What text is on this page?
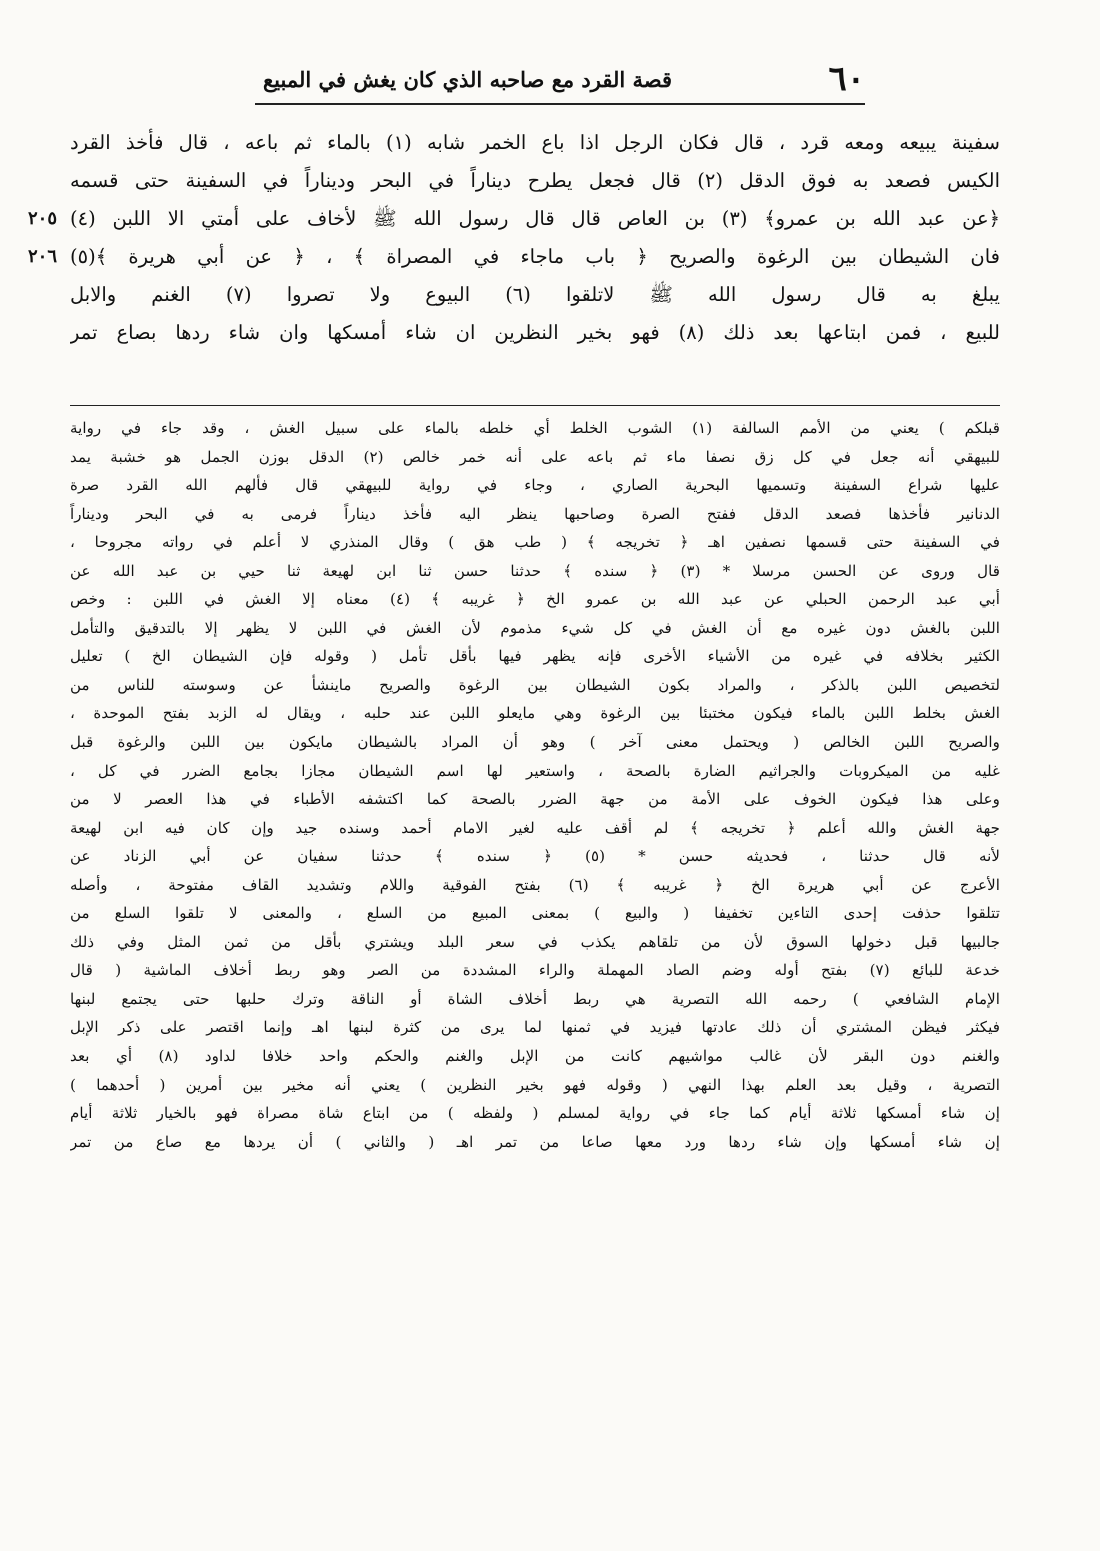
٦٠
قصة القرد مع صاحبه الذي كان يغش في المبيع
سفينة يبيعه ومعه قرد ، قال فكان الرجل اذا باع الخمر شابه (١) بالماء ثم باعه ، قال فأخذ القرد
الكيس فصعد به فوق الدقل (٢) قال فجعل يطرح ديناراً في البحر وديناراً في السفينة حتى قسمه
﴿عن عبد الله بن عمرو﴾ (٣) بن العاص قال قال رسول الله ﷺ لأخاف على أمتي الا اللبن (٤)
فان الشيطان بين الرغوة والصريح ﴿ باب ماجاء في المصراة ﴾ ، ﴿ عن أبي هريرة ﴾(٥)
يبلغ به قال رسول الله ﷺ لاتلقوا (٦) البيوع ولا تصروا (٧) الغنم والابل
للبيع ، فمن ابتاعها بعد ذلك (٨) فهو بخير النظرين ان شاء أمسكها وان شاء ردها بصاع تمر
٢٠٥
٢٠٦
قبلكم ) يعني من الأمم السالفة (١) الشوب الخلط أي خلطه بالماء على سبيل الغش ، وقد جاء في رواية
للبيهقي أنه جعل في كل زق نصفا ماء ثم باعه على أنه خمر خالص (٢) الدقل بوزن الجمل هو خشبة يمد
عليها شراع السفينة وتسميها البحرية الصاري ، وجاء في رواية للبيهقي قال فألهم الله القرد صرة
الدنانير فأخذها فصعد الدقل ففتح الصرة وصاحبها ينظر اليه فأخذ ديناراً فرمى به في البحر وديناراً
في السفينة حتى قسمها نصفين اهـ ﴿ تخريجه ﴾ ( طب هق ) وقال المنذري لا أعلم في رواته مجروحا ،
قال وروى عن الحسن مرسلا * (٣) ﴿ سنده ﴾ حدثنا حسن ثنا ابن لهيعة ثنا حيي بن عبد الله عن
أبي عبد الرحمن الحبلي عن عبد الله بن عمرو الخ ﴿ غريبه ﴾ (٤) معناه إلا الغش في اللبن : وخص
اللبن بالغش دون غيره مع أن الغش في كل شيء مذموم لأن الغش في اللبن لا يظهر إلا بالتدقيق والتأمل
الكثير بخلافه في غيره من الأشياء الأخرى فإنه يظهر فيها بأقل تأمل ( وقوله فإن الشيطان الخ ) تعليل
لتخصيص اللبن بالذكر ، والمراد بكون الشيطان بين الرغوة والصريح ماينشأ عن وسوسته للناس من
الغش بخلط اللبن بالماء فيكون مختبئا بين الرغوة وهي مايعلو اللبن عند حلبه ، ويقال له الزبد بفتح الموحدة ،
والصريح اللبن الخالص ( ويحتمل معنى آخر ) وهو أن المراد بالشيطان مايكون بين اللبن والرغوة قبل
غليه من الميكروبات والجراثيم الضارة بالصحة ، واستعير لها اسم الشيطان مجازا بجامع الضرر في كل ،
وعلى هذا فيكون الخوف على الأمة من جهة الضرر بالصحة كما اكتشفه الأطباء في هذا العصر لا من
جهة الغش والله أعلم ﴿ تخريجه ﴾ لم أقف عليه لغير الامام أحمد وسنده جيد وإن كان فيه ابن لهيعة
لأنه قال حدثنا ، فحديثه حسن * (٥) ﴿ سنده ﴾ حدثنا سفيان عن أبي الزناد عن
الأعرج عن أبي هريرة الخ ﴿ غريبه ﴾ (٦) بفتح الفوقية واللام وتشديد القاف مفتوحة ، وأصله
تتلقوا حذفت إحدى التاءين تخفيفا ( والبيع ) بمعنى المبيع من السلع ، والمعنى لا تلقوا السلع من
جالبيها قبل دخولها السوق لأن من تلقاهم يكذب في سعر البلد ويشتري بأقل من ثمن المثل وفي ذلك
خدعة للبائع (٧) بفتح أوله وضم الصاد المهملة والراء المشددة من الصر وهو ربط أخلاف الماشية ( قال
الإمام الشافعي ) رحمه الله التصرية هي ربط أخلاف الشاة أو الناقة وترك حلبها حتى يجتمع لبنها
فيكثر فيظن المشتري أن ذلك عادتها فيزيد في ثمنها لما يرى من كثرة لبنها اهـ وإنما اقتصر على ذكر الإبل
والغنم دون البقر لأن غالب مواشيهم كانت من الإبل والغنم والحكم واحد خلافا لداود (٨) أي بعد
التصرية ، وقيل بعد العلم بهذا النهي ( وقوله فهو بخير النظرين ) يعني أنه مخير بين أمرين ( أحدهما )
إن شاء أمسكها ثلاثة أيام كما جاء في رواية لمسلم ( ولفظه ) من ابتاع شاة مصراة فهو بالخيار ثلاثة أيام
إن شاء أمسكها وإن شاء ردها ورد معها صاعا من تمر اهـ ( والثاني ) أن يردها مع صاع من تمر
